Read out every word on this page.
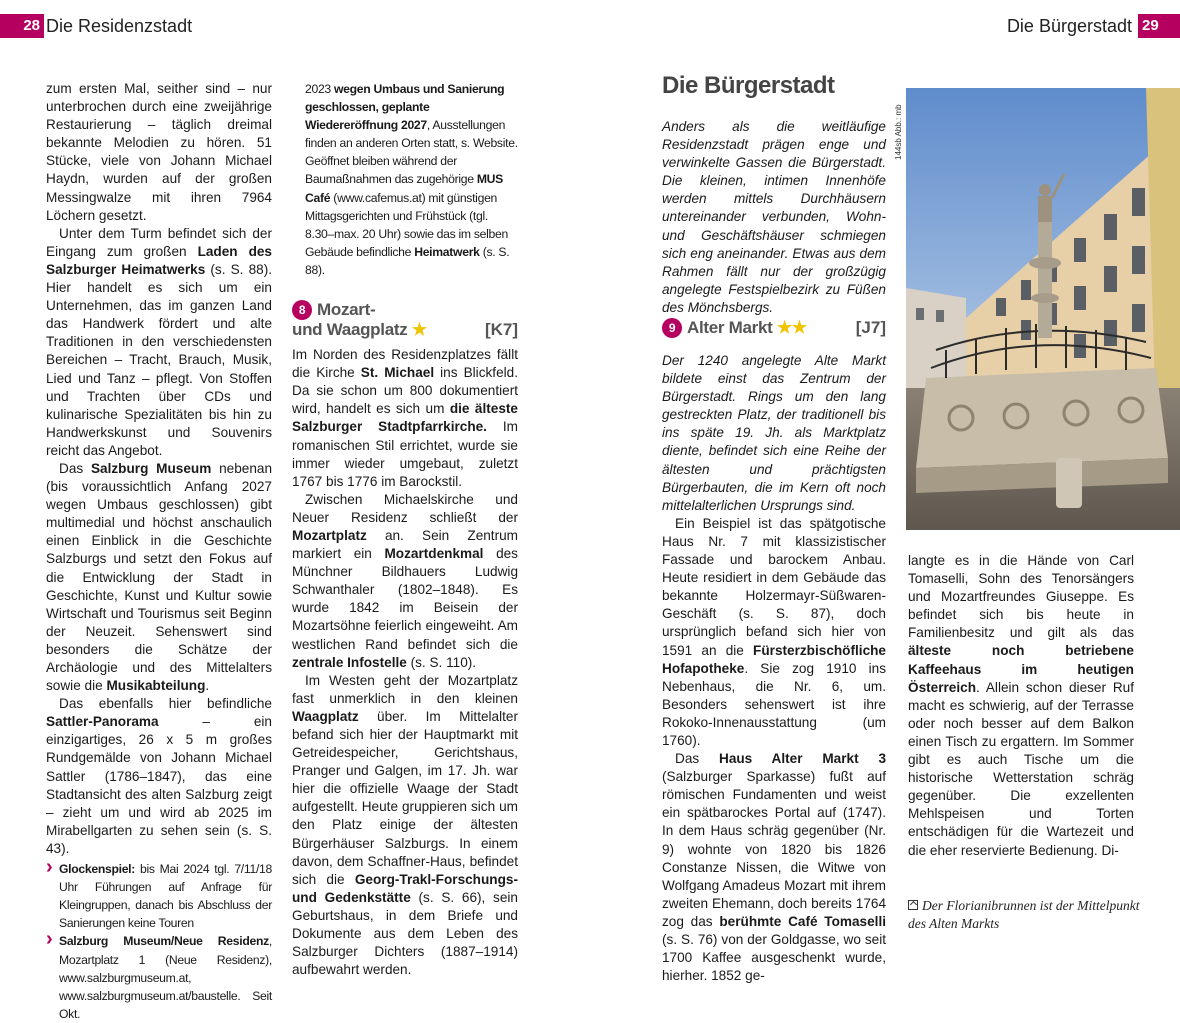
28 Die Residenzstadt

zum ersten Mal, seither sind – nur unterbrochen durch eine zweijährige Restaurierung – täglich dreimal bekannte Melodien zu hören. 51 Stücke, viele von Johann Michael Haydn, wurden auf der großen Messingwalze mit ihren 7964 Löchern gesetzt.

Unter dem Turm befindet sich der Eingang zum großen Laden des Salzburger Heimatwerks (s. S. 88). Hier handelt es sich um ein Unternehmen, das im ganzen Land das Handwerk fördert und alte Traditionen in den verschiedensten Bereichen – Tracht, Brauch, Musik, Lied und Tanz – pflegt. Von Stoffen und Trachten über CDs und kulinarische Spezialitäten bis hin zu Handwerkskunst und Souvenirs reicht das Angebot.

Das Salzburg Museum nebenan (bis voraussichtlich Anfang 2027 wegen Umbaus geschlossen) gibt multimedial und höchst anschaulich einen Einblick in die Geschichte Salzburgs und setzt den Fokus auf die Entwicklung der Stadt in Geschichte, Kunst und Kultur sowie Wirtschaft und Tourismus seit Beginn der Neuzeit. Sehenswert sind besonders die Schätze der Archäologie und des Mittelalters sowie die Musikabteilung.

Das ebenfalls hier befindliche Sattler-Panorama – ein einzigartiges, 26 x 5 m großes Rundgemälde von Johann Michael Sattler (1786–1847), das eine Stadtansicht des alten Salzburg zeigt – zieht um und wird ab 2025 im Mirabellgarten zu sehen sein (s. S. 43).

› Glockenspiel: bis Mai 2024 tgl. 7/11/18 Uhr Führungen auf Anfrage für Kleingruppen, danach bis Abschluss der Sanierungen keine Touren
› Salzburg Museum/Neue Residenz, Mozartplatz 1 (Neue Residenz), www.salzburgmuseum.at, www.salzburgmuseum.at/baustelle. Seit Okt.
2023 wegen Umbaus und Sanierung geschlossen, geplante Wiedereröffnung 2027, Ausstellungen finden an anderen Orten statt, s. Website. Geöffnet bleiben während der Baumaßnahmen das zugehörige MUS Café (www.cafemus.at) mit günstigen Mittagsgerichten und Frühstück (tgl. 8.30–max. 20 Uhr) sowie das im selben Gebäude befindliche Heimatwerk (s. S. 88).
8 Mozart-
und Waagplatz ★	[K7]

Im Norden des Residenzplatzes fällt die Kirche St. Michael ins Blickfeld. Da sie schon um 800 dokumentiert wird, handelt es sich um die älteste Salzburger Stadtpfarrkirche. Im romanischen Stil errichtet, wurde sie immer wieder umgebaut, zuletzt 1767 bis 1776 im Barockstil.

Zwischen Michaelskirche und Neuer Residenz schließt der Mozartplatz an. Sein Zentrum markiert ein Mozartdenkmal des Münchner Bildhauers Ludwig Schwanthaler (1802–1848). Es wurde 1842 im Beisein der Mozartsöhne feierlich eingeweiht. Am westlichen Rand befindet sich die zentrale Infostelle (s. S. 110).

Im Westen geht der Mozartplatz fast unmerklich in den kleinen Waagplatz über. Im Mittelalter befand sich hier der Hauptmarkt mit Getreidespeicher, Gerichtshaus, Pranger und Galgen, im 17. Jh. war hier die offizielle Waage der Stadt aufgestellt. Heute gruppieren sich um den Platz einige der ältesten Bürgerhäuser Salzburgs. In einem davon, dem Schaffner-Haus, befindet sich die Georg-Trakl-Forschungs- und Gedenkstätte (s. S. 66), sein Geburtshaus, in dem Briefe und Dokumente aus dem Leben des Salzburger Dichters (1887–1914) aufbewahrt werden.

Die Bürgerstadt 29
Die Bürgerstadt
Anders als die weitläufige Residenzstadt prägen enge und verwinkelte Gassen die Bürgerstadt. Die kleinen, intimen Innenhöfe werden mittels Durchhäusern untereinander verbunden, Wohn- und Geschäftshäuser schmiegen sich eng aneinander. Etwas aus dem Rahmen fällt nur der großzügig angelegte Festspielbezirk zu Füßen des Mönchsbergs.
9 Alter Markt ★★	[J7]

Der 1240 angelegte Alte Markt bildete einst das Zentrum der Bürgerstadt. Rings um den lang gestreckten Platz, der traditionell bis ins späte 19. Jh. als Marktplatz diente, befindet sich eine Reihe der ältesten und prächtigsten Bürgerbauten, die im Kern oft noch mittelalterlichen Ursprungs sind.

Ein Beispiel ist das spätgotische Haus Nr. 7 mit klassizistischer Fassade und barockem Anbau. Heute residiert in dem Gebäude das bekannte Holzermayr-Süßwaren-Geschäft (s. S. 87), doch ursprünglich befand sich hier von 1591 an die Fürsterzbischöfliche Hofapotheke. Sie zog 1910 ins Nebenhaus, die Nr. 6, um. Besonders sehenswert ist ihre Rokoko-Innenausstattung (um 1760).

Das Haus Alter Markt 3 (Salzburger Sparkasse) fußt auf römischen Fundamenten und weist ein spätbarockes Portal auf (1747). In dem Haus schräg gegenüber (Nr. 9) wohnte von 1820 bis 1826 Constanze Nissen, die Witwe von Wolfgang Amadeus Mozart mit ihrem zweiten Ehemann, doch bereits 1764 zog das berühmte Café Tomaselli (s. S. 76) von der Goldgasse, wo seit 1700 Kaffee ausgeschenkt wurde, hierher. 1852 ge-

langte es in die Hände von Carl Tomaselli, Sohn des Tenorsängers und Mozartfreundes Giuseppe. Es befindet sich bis heute in Familienbesitz und gilt als das älteste noch betriebene Kaffeehaus im heutigen Österreich. Allein schon dieser Ruf macht es schwierig, auf der Terrasse oder noch besser auf dem Balkon einen Tisch zu ergattern. Im Sommer gibt es auch Tische um die historische Wetterstation schräg gegenüber. Die exzellenten Mehlspeisen und Torten entschädigen für die Wartezeit und die eher reservierte Bedienung. Di-

144sb Abb.: mb
Der Florianibrunnen ist der Mittelpunkt des Alten Markts
